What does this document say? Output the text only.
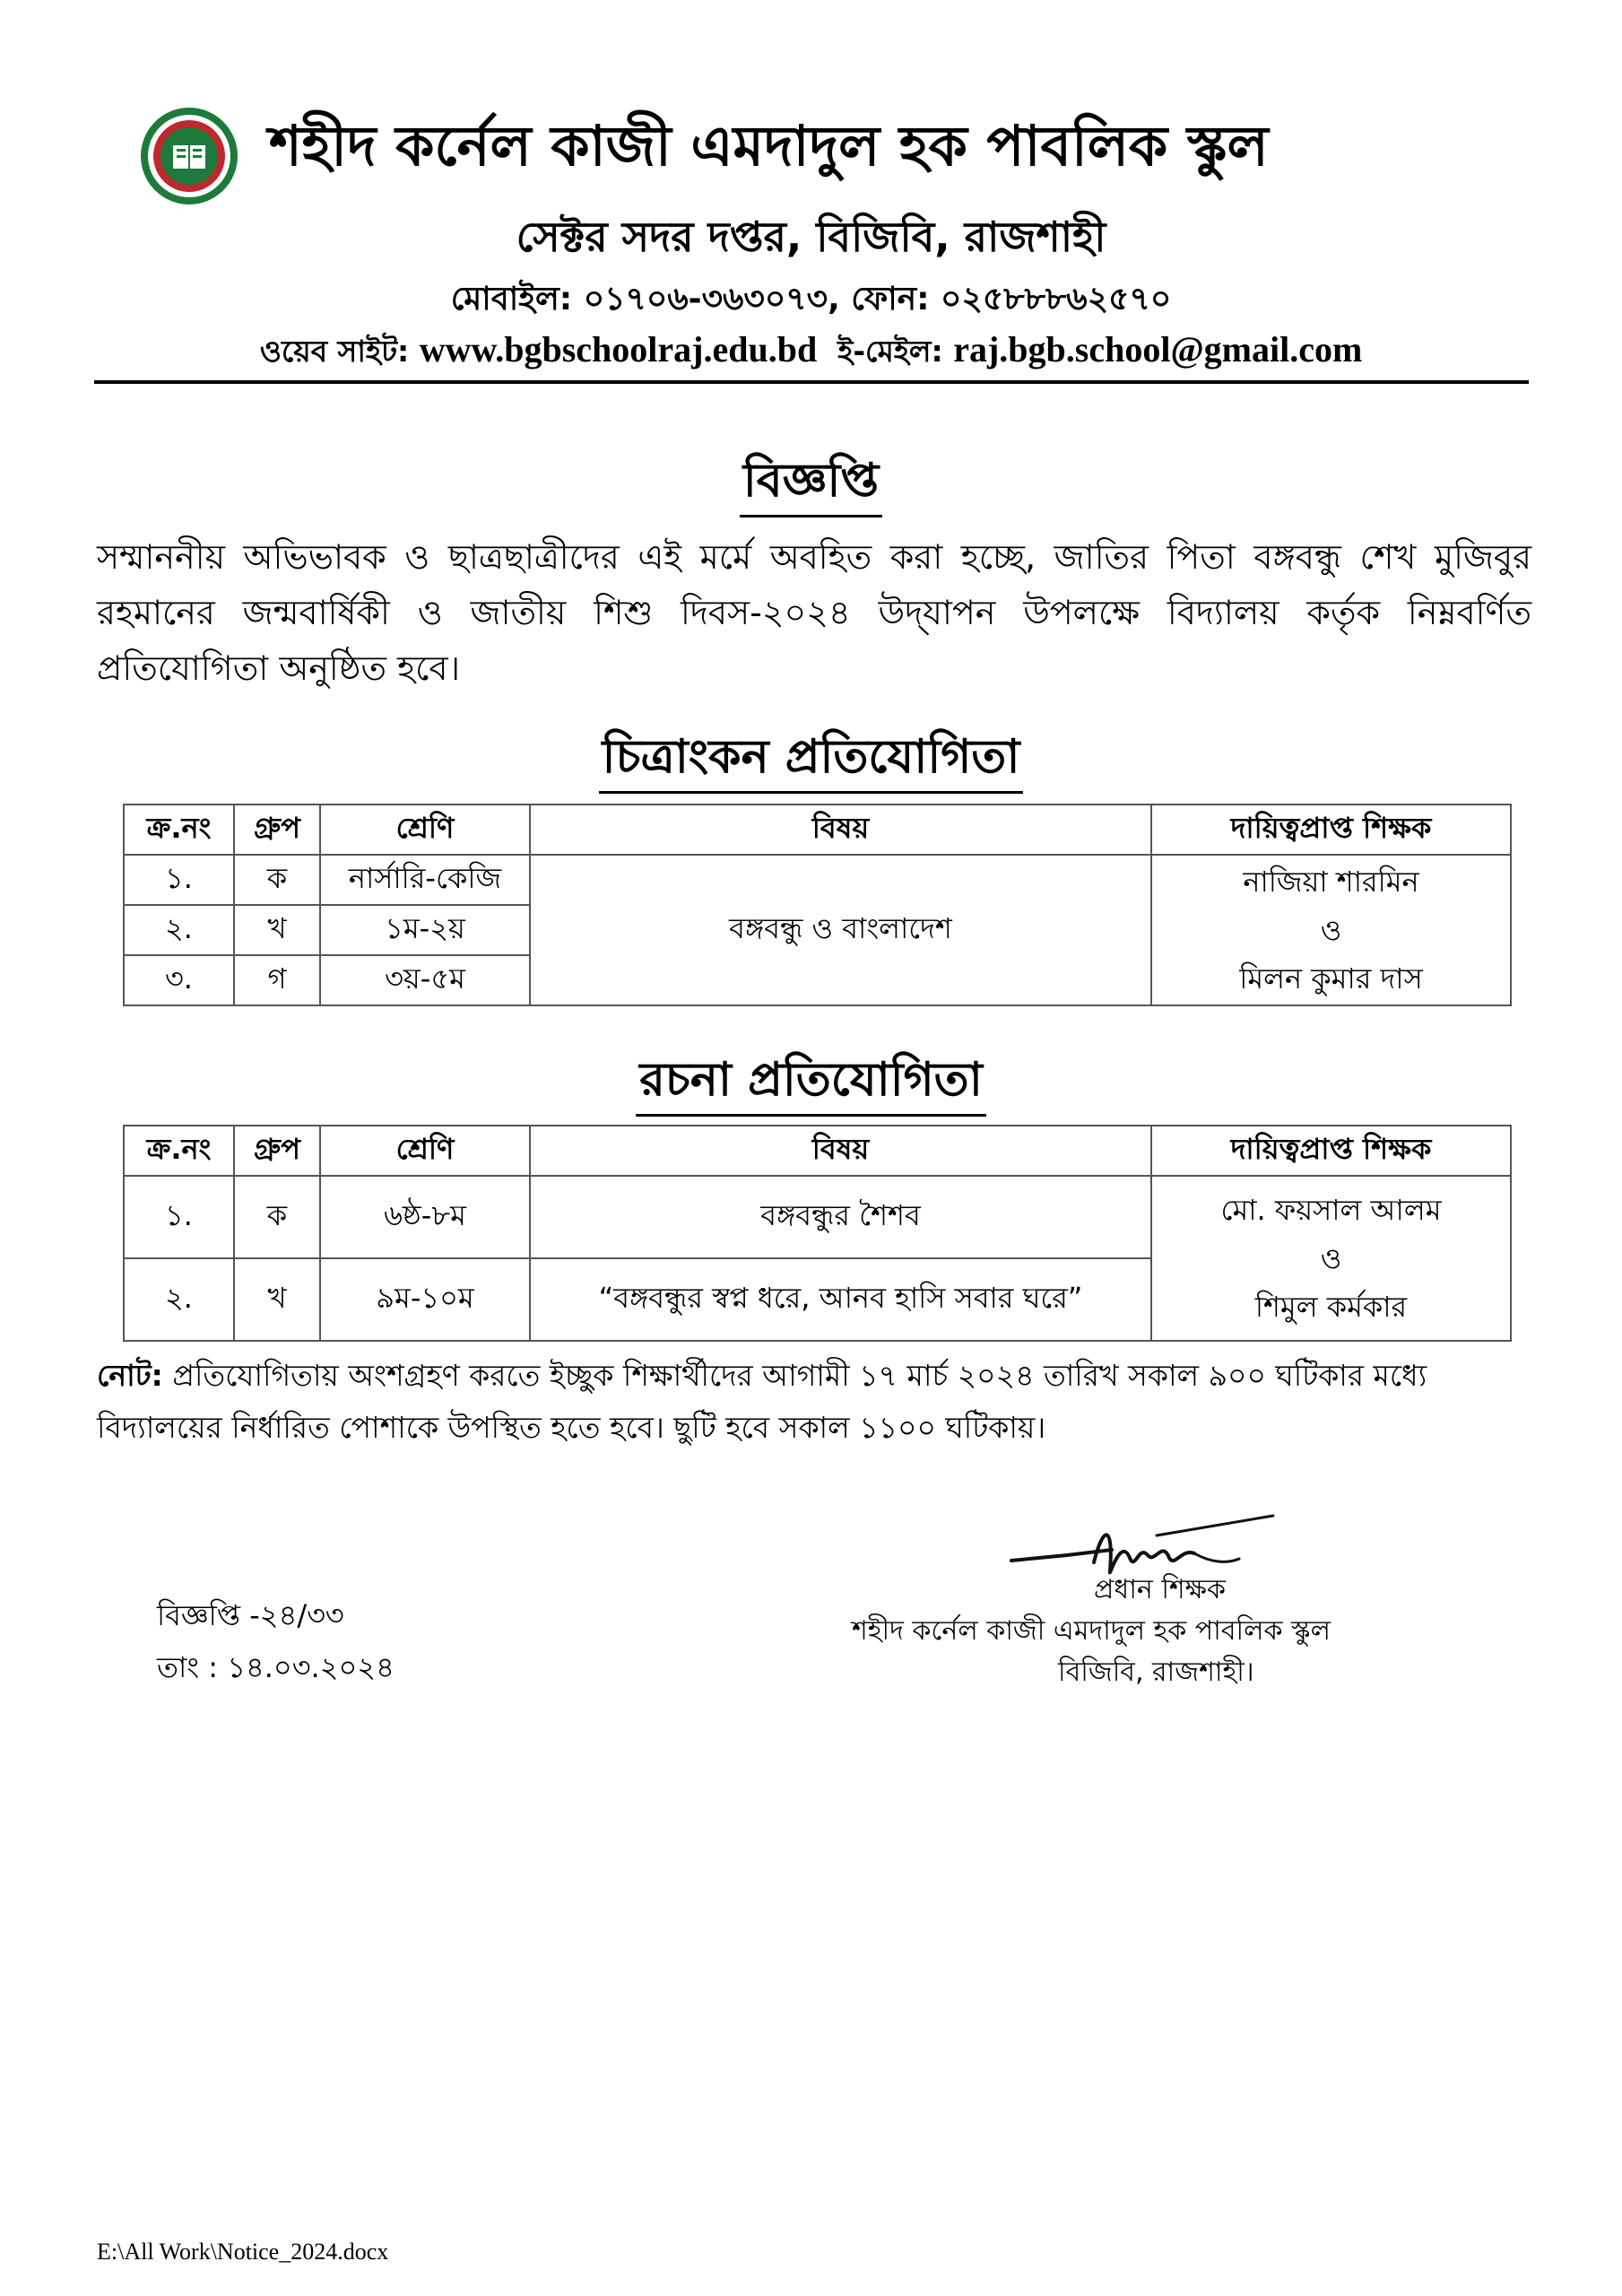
শহীদ কর্নেল কাজী এমদাদুল হক পাবলিক স্কুল
সেক্টর সদর দপ্তর, বিজিবি, রাজশাহী
মোবাইল: ০১৭০৬-৩৬৩০৭৩, ফোন: ০২৫৮৮৮৬২৫৭০
ওয়েব সাইট: www.bgbschoolraj.edu.bd ই-মেইল: raj.bgb.school@gmail.com
বিজ্ঞপ্তি
সম্মাননীয় অভিভাবক ও ছাত্রছাত্রীদের এই মর্মে অবহিত করা হচ্ছে, জাতির পিতা বঙ্গবন্ধু শেখ মুজিবুর রহমানের জন্মবার্ষিকী ও জাতীয় শিশু দিবস-২০২৪ উদ্‌যাপন উপলক্ষে বিদ্যালয় কর্তৃক নিম্নবর্ণিত প্রতিযোগিতা অনুষ্ঠিত হবে।
চিত্রাংকন প্রতিযোগিতা
ক্র.নং	গ্রুপ	শ্রেণি	বিষয়	দায়িত্বপ্রাপ্ত শিক্ষক
১.	ক	নার্সারি-কেজি	বঙ্গবন্ধু ও বাংলাদেশ	নাজিয়া শারমিন
ও
মিলন কুমার দাস

২.	খ	১ম-২য়		
৩.	গ	৩য়-৫ম		
রচনা প্রতিযোগিতা
ক্র.নং	গ্রুপ	শ্রেণি	বিষয়	দায়িত্বপ্রাপ্ত শিক্ষক
১.	ক	৬ষ্ঠ-৮ম	বঙ্গবন্ধুর শৈশব	মো. ফয়সাল আলম
ও
শিমুল কর্মকার

২.	খ	৯ম-১০ম	“বঙ্গবন্ধুর স্বপ্ন ধরে, আনব হাসি সবার ঘরে”	
নোট: প্রতিযোগিতায় অংশগ্রহণ করতে ইচ্ছুক শিক্ষার্থীদের আগামী ১৭ মার্চ ২০২৪ তারিখ সকাল ৯০০ ঘটিকার মধ্যে বিদ্যালয়ের নির্ধারিত পোশাকে উপস্থিত হতে হবে। ছুটি হবে সকাল ১১০০ ঘটিকায়।
প্রধান শিক্ষক
শহীদ কর্নেল কাজী এমদাদুল হক পাবলিক স্কুল
বিজিবি, রাজশাহী।
বিজ্ঞপ্তি -২৪/৩৩
তাং : ১৪.০৩.২০২৪
E:\All Work\Notice_2024.docx
